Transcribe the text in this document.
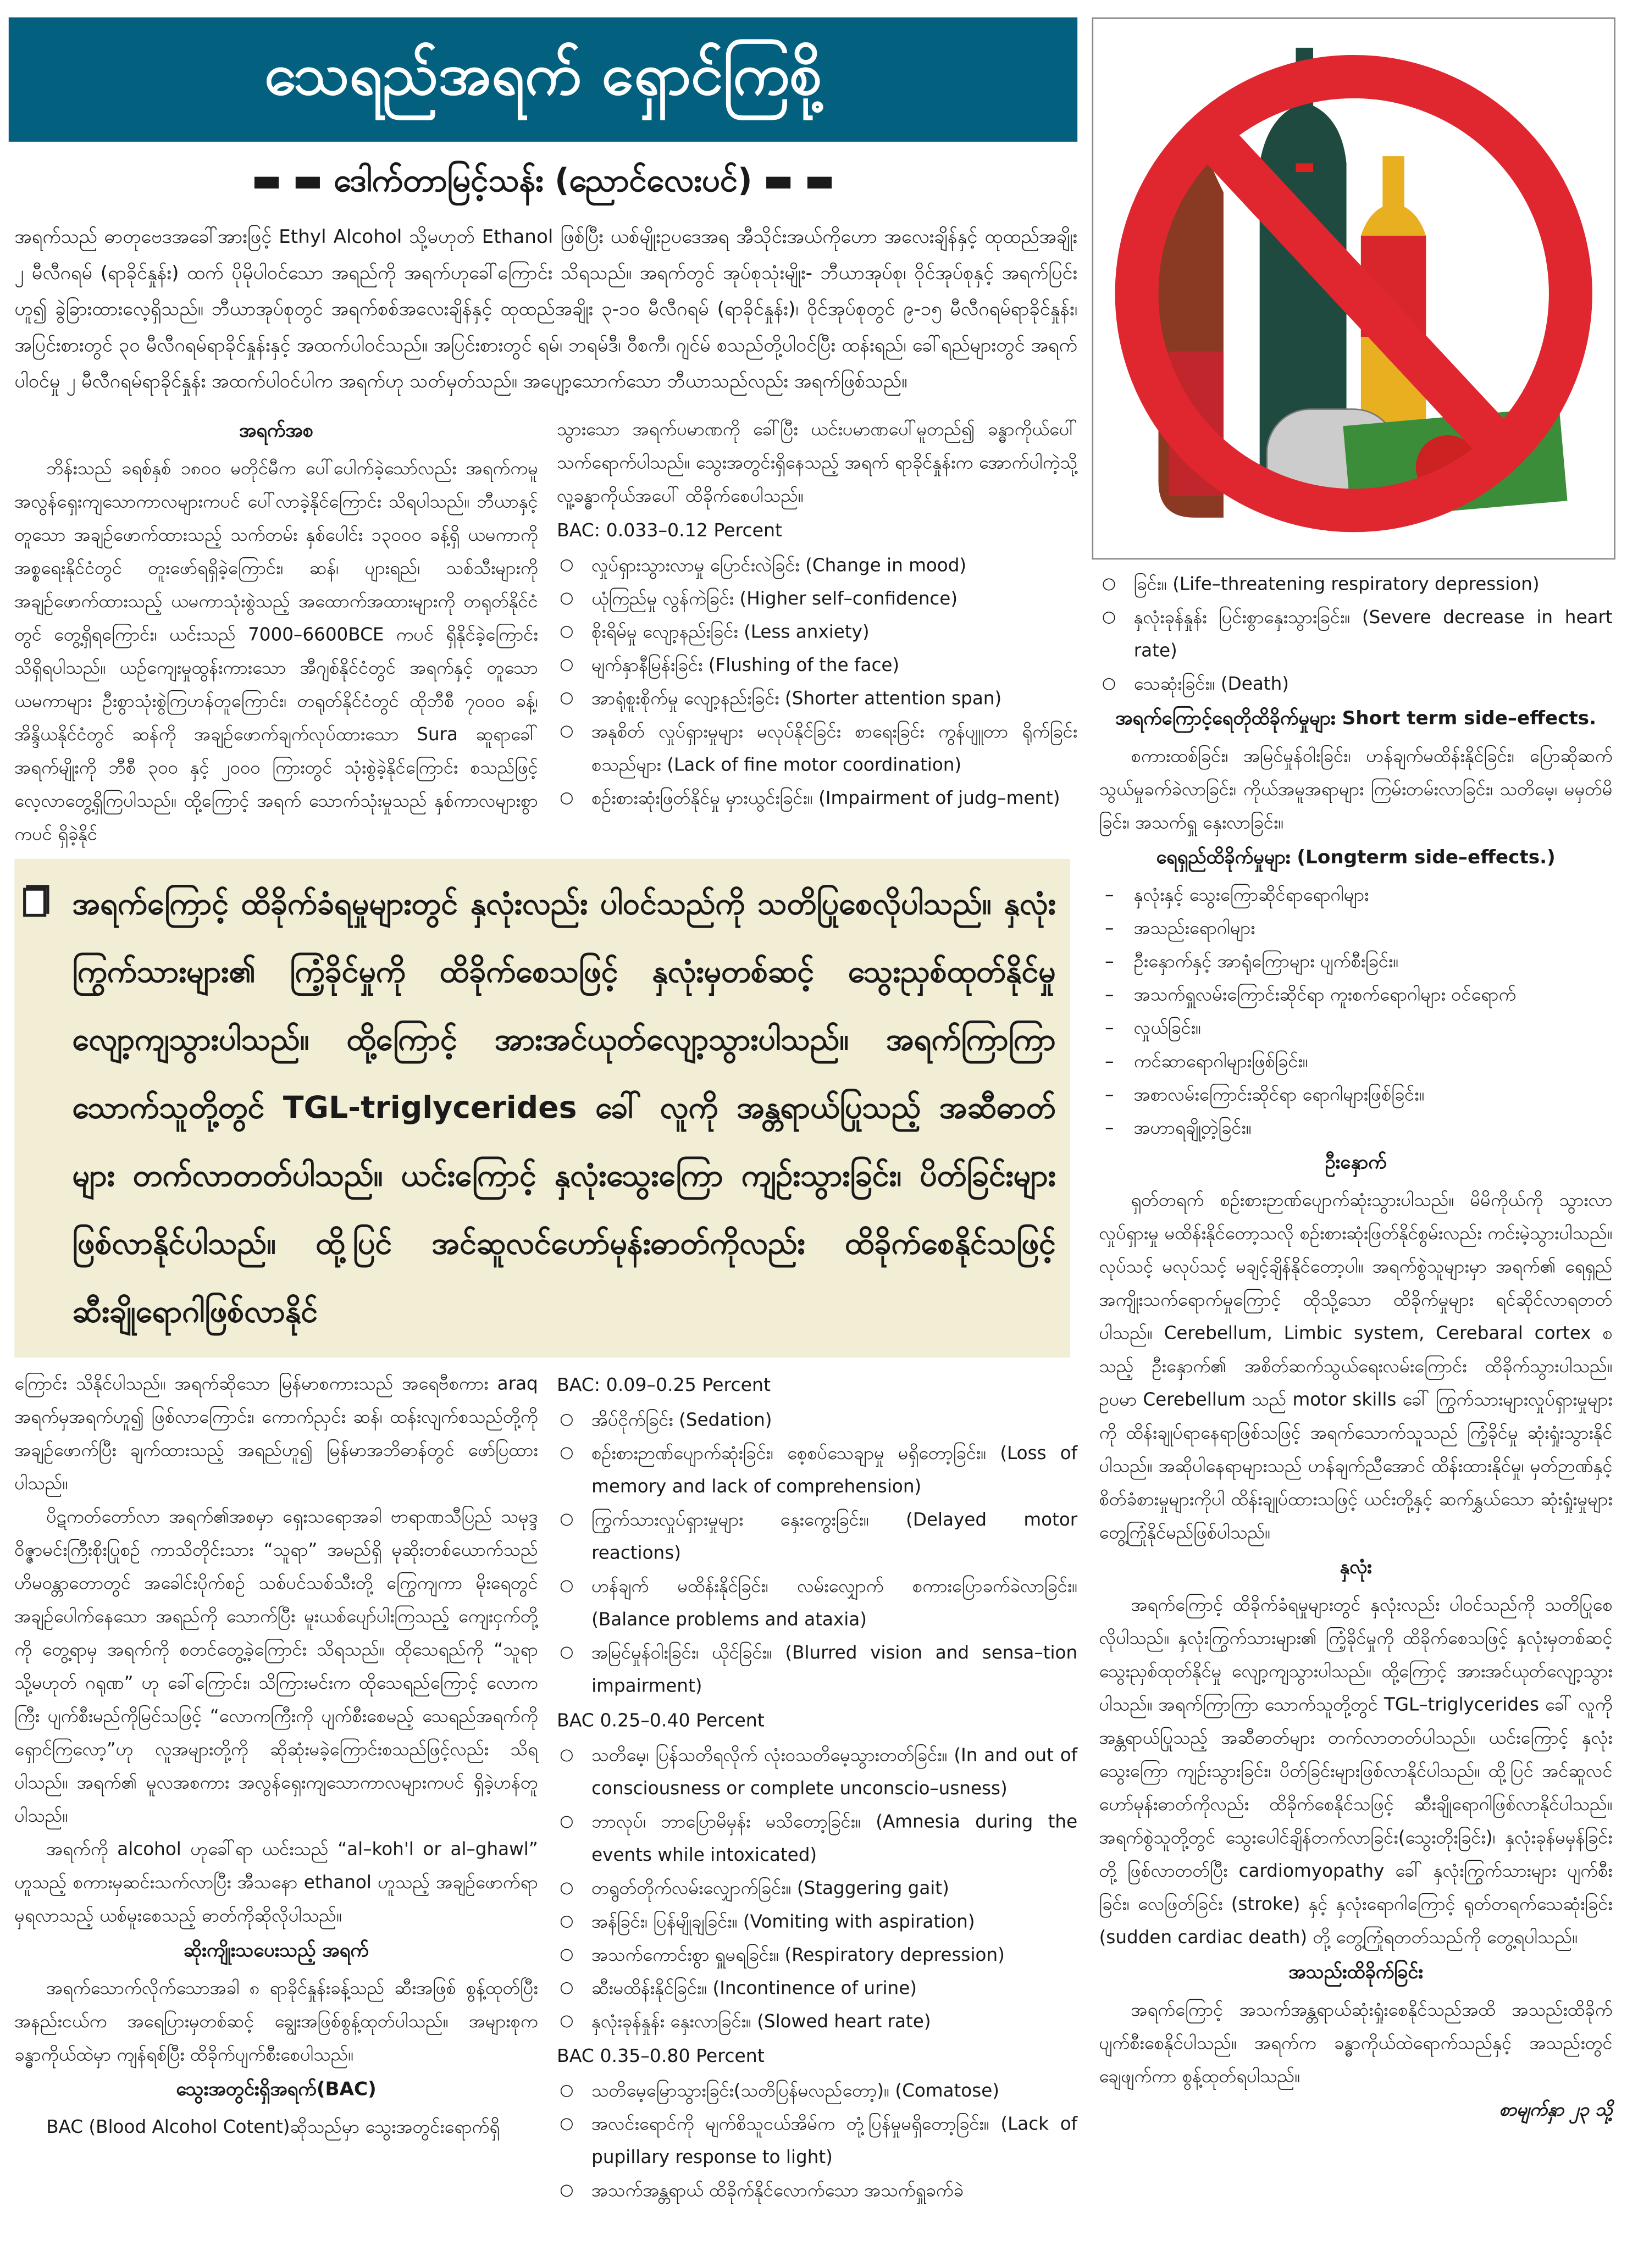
သေရည်အရက် ရှောင်ကြစို့
▬ ▬ ဒေါက်တာမြင့်သန်း (ညောင်လေးပင်) ▬ ▬

အရက်သည် ဓာတုဗေဒအခေါ်အားဖြင့် Ethyl Alcohol သို့မဟုတ် Ethanol ဖြစ်ပြီး ယစ်မျိုးဥပဒေအရ အီသိုင်းအယ်ကိုဟော အလေးချိန်နှင့် ထုထည်အချိုး ၂ မီလီဂရမ် (ရာခိုင်နှုန်း) ထက် ပိုမိုပါဝင်သော အရည်ကို အရက်ဟုခေါ်ကြောင်း သိရသည်။ အရက်တွင် အုပ်စုသုံးမျိုး- ဘီယာအုပ်စု၊ ဝိုင်အုပ်စုနှင့် အရက်ပြင်းဟူ၍ ခွဲခြားထားလေ့ရှိသည်။ ဘီယာအုပ်စုတွင် အရက်စစ်အလေးချိန်နှင့် ထုထည်အချိုး ၃-၁၀ မီလီဂရမ် (ရာခိုင်နှုန်း)၊ ဝိုင်အုပ်စုတွင် ၉-၁၅ မီလီဂရမ်ရာခိုင်နှုန်း၊ အပြင်းစားတွင် ၃၀ မီလီဂရမ်ရာခိုင်နှုန်းနှင့် အထက်ပါဝင်သည်။ အပြင်းစားတွင် ရမ်၊ ဘရမ်ဒီ၊ ဝီစကီ၊ ဂျင်မ် စသည်တို့ပါဝင်ပြီး ထန်းရည်၊ ခေါ်ရည်များတွင် အရက်ပါဝင်မှု ၂ မီလီဂရမ်ရာခိုင်နှုန်း အထက်ပါဝင်ပါက အရက်ဟု သတ်မှတ်သည်။ အပျော့သောက်သော ဘီယာသည်လည်း အရက်ဖြစ်သည်။

အရက်အစ

ဘိန်းသည် ခရစ်နှစ် ၁၈၀၀ မတိုင်မီက ပေါ်ပေါက်ခဲ့သော်လည်း အရက်ကမူ အလွန်ရှေးကျသောကာလများကပင် ပေါ်လာခဲ့နိုင်ကြောင်း သိရပါသည်။ ဘီယာနှင့်တူသော အချဉ်ဖောက်ထားသည့် သက်တမ်း နှစ်ပေါင်း ၁၃၀၀၀ ခန့်ရှိ ယမကာကို အစ္စရေးနိုင်ငံတွင် တူးဖော်ရရှိခဲ့ကြောင်း၊ ဆန်၊ ပျားရည်၊ သစ်သီးများကို အချဉ်ဖောက်ထားသည့် ယမကာသုံးစွဲသည့် အထောက်အထားများကို တရုတ်နိုင်ငံတွင် တွေ့ရှိရကြောင်း၊ ယင်းသည် 7000–6600BCE ကပင် ရှိနိုင်ခဲ့ကြောင်း သိရှိရပါသည်။ ယဉ်ကျေးမှုထွန်းကားသော အီဂျစ်နိုင်ငံတွင် အရက်နှင့် တူသော ယမကာများ ဦးစွာသုံးစွဲကြဟန်တူကြောင်း၊ တရုတ်နိုင်ငံတွင် ထိုဘီစီ ၇၀၀၀ ခန့်၊ အိန္ဒိယနိုင်ငံတွင် ဆန်ကို အချဉ်ဖောက်ချက်လုပ်ထားသော Sura ဆူရာခေါ် အရက်မျိုးကို ဘီစီ ၃၀၀ နှင့် ၂၀၀၀ ကြားတွင် သုံးစွဲခဲ့နိုင်ကြောင်း စသည်ဖြင့် လေ့လာတွေ့ရှိကြပါသည်။ ထို့ကြောင့် အရက် သောက်သုံးမှုသည် နှစ်ကာလများစွာကပင် ရှိခဲ့နိုင်

သွားသော အရက်ပမာဏကို ခေါ်ပြီး ယင်းပမာဏပေါ်မူတည်၍ ခန္ဓာကိုယ်ပေါ် သက်ရောက်ပါသည်။ သွေးအတွင်းရှိနေသည့် အရက် ရာခိုင်နှုန်းက အောက်ပါကဲ့သို့ လူ့ခန္ဓာကိုယ်အပေါ် ထိခိုက်စေပါသည်။

BAC: 0.033–0.12 Percent
○ လှုပ်ရှားသွားလာမှု ပြောင်းလဲခြင်း (Change in mood)
○ ယုံကြည်မှု လွန်ကဲခြင်း (Higher self–confidence)
○ စိုးရိမ်မှု လျော့နည်းခြင်း (Less anxiety)
○ မျက်နှာနီမြန်းခြင်း (Flushing of the face)
○ အာရုံစူးစိုက်မှု လျော့နည်းခြင်း (Shorter attention span)
○ အနုစိတ် လှုပ်ရှားမှုများ မလုပ်နိုင်ခြင်း စာရေးခြင်း ကွန်ပျူတာ ရိုက်ခြင်း စသည်များ (Lack of fine motor coordination)
○ စဉ်းစားဆုံးဖြတ်နိုင်မှု မှားယွင်းခြင်း။ (Impairment of judg–ment)

အရက်ကြောင့် ထိခိုက်ခံရမှုများတွင် နှလုံးလည်း ပါဝင်သည်ကို သတိပြုစေလိုပါသည်။ နှလုံးကြွက်သားများ၏ ကြံ့ခိုင်မှုကို ထိခိုက်စေသဖြင့် နှလုံးမှတစ်ဆင့် သွေးညှစ်ထုတ်နိုင်မှု လျော့ကျသွားပါသည်။ ထို့ကြောင့် အားအင်ယုတ်လျော့သွားပါသည်။ အရက်ကြာကြာ သောက်သူတို့တွင် TGL-triglycerides ခေါ် လူကို အန္တရာယ်ပြုသည့် အဆီဓာတ်များ တက်လာတတ်ပါသည်။ ယင်းကြောင့် နှလုံးသွေးကြော ကျဉ်းသွားခြင်း၊ ပိတ်ခြင်းများဖြစ်လာနိုင်ပါသည်။ ထို့ပြင် အင်ဆူလင်ဟော်မုန်းဓာတ်ကိုလည်း ထိခိုက်စေနိုင်သဖြင့် ဆီးချိုရောဂါဖြစ်လာနိုင်

ကြောင်း သိနိုင်ပါသည်။ အရက်ဆိုသော မြန်မာစကားသည် အရေဗီစကား araq အရက်မှအရက်ဟူ၍ ဖြစ်လာကြောင်း၊ ကောက်ညှင်း ဆန်၊ ထန်းလျက်စသည်တို့ကို အချဉ်ဖောက်ပြီး ချက်ထားသည့် အရည်ဟူ၍ မြန်မာအဘိဓာန်တွင် ဖော်ပြထားပါသည်။

ပိဋကတ်တော်လာ အရက်၏အစမှာ ရှေးသရောအခါ ဗာရာဏသီပြည် သမုဒ္ဒဝိဇ္ဇာမင်းကြီးစိုးပြုစဉ် ကာသိတိုင်းသား “သူရာ” အမည်ရှိ မုဆိုးတစ်ယောက်သည် ဟိမဝန္တာတောတွင် အခေါင်းပိုက်စဉ် သစ်ပင်သစ်သီးတို့ ကြွေကျကာ မိုးရေတွင် အချဉ်ပေါက်နေသော အရည်ကို သောက်ပြီး မူးယစ်ပျော်ပါးကြသည့် ကျေးငှက်တို့ကို တွေ့ရာမှ အရက်ကို စတင်တွေ့ခဲ့ကြောင်း သိရသည်။ ထိုသေရည်ကို “သူရာ သို့မဟုတ် ဂရုဏ” ဟု ခေါ်ကြောင်း၊ သိကြားမင်းက ထိုသေရည်ကြောင့် လောကကြီး ပျက်စီးမည်ကိုမြင်သဖြင့် “လောကကြီးကို ပျက်စီးစေမည့် သေရည်အရက်ကို ရှောင်ကြလော့”ဟု လူအများတို့ကို ဆိုဆုံးမခဲ့ကြောင်းစသည်ဖြင့်လည်း သိရပါသည်။ အရက်၏ မူလအစကား အလွန်ရှေးကျသောကာလများကပင် ရှိခဲ့ဟန်တူပါသည်။

အရက်ကို alcohol ဟုခေါ်ရာ ယင်းသည် “al–koh'l or al–ghawl” ဟူသည့် စကားမှဆင်းသက်လာပြီး အီသနော ethanol ဟူသည့် အချဉ်ဖောက်ရာမှရလာသည့် ယစ်မူးစေသည့် ဓာတ်ကိုဆိုလိုပါသည်။

ဆိုးကျိုးသပေးသည့် အရက်

အရက်သောက်လိုက်သောအခါ ၈ ရာခိုင်နှုန်းခန့်သည် ဆီးအဖြစ် စွန့်ထုတ်ပြီး အနည်းငယ်က အရေပြားမှတစ်ဆင့် ချွေးအဖြစ်စွန့်ထုတ်ပါသည်။ အများစုက ခန္ဓာကိုယ်ထဲမှာ ကျန်ရစ်ပြီး ထိခိုက်ပျက်စီးစေပါသည်။

သွေးအတွင်းရှိအရက်(BAC)

BAC (Blood Alcohol Cotent)ဆိုသည်မှာ သွေးအတွင်းရောက်ရှိ

BAC: 0.09–0.25 Percent
○ အိပ်ငိုက်ခြင်း (Sedation)
○ စဉ်းစားဉာဏ်ပျောက်ဆုံးခြင်း၊ စေ့စပ်သေချာမှု မရှိတော့ခြင်း။ (Loss of memory and lack of comprehension)
○ ကြွက်သားလှုပ်ရှားမှုများ နှေးကွေးခြင်း။ (Delayed motor reactions)
○ ဟန်ချက် မထိန်းနိုင်ခြင်း၊ လမ်းလျှောက် စကားပြောခက်ခဲလာခြင်း။ (Balance problems and ataxia)
○ အမြင်မှုန်ဝါးခြင်း၊ ယိုင်ခြင်း။ (Blurred vision and sensa–tion impairment)
BAC 0.25–0.40 Percent
○ သတိမေ့၊ ပြန်သတိရလိုက် လုံးဝသတိမေ့သွားတတ်ခြင်း။ (In and out of consciousness or complete unconscio–usness)
○ ဘာလုပ်၊ ဘာပြောမိမှန်း မသိတော့ခြင်း။ (Amnesia during the events while intoxicated)
○ တရွတ်တိုက်လမ်းလျှောက်ခြင်း။ (Staggering gait)
○ အန်ခြင်း၊ ပြန်မျိုချခြင်း။ (Vomiting with aspiration)
○ အသက်ကောင်းစွာ ရှူမရခြင်း။ (Respiratory depression)
○ ဆီးမထိန်းနိုင်ခြင်း။ (Incontinence of urine)
○ နှလုံးခုန်နှုန်း နှေးလာခြင်း။ (Slowed heart rate)
BAC 0.35–0.80 Percent
○ သတိမေ့မြောသွားခြင်း(သတိပြန်မလည်တော့)။ (Comatose)
○ အလင်းရောင်ကို မျက်စိသူငယ်အိမ်က တုံ့ပြန်မှုမရှိတော့ခြင်း။ (Lack of pupillary response to light)
○ အသက်အန္တရာယ် ထိခိုက်နိုင်လောက်သော အသက်ရှူခက်ခဲ
BEER
○ ခြင်း။ (Life–threatening respiratory depression)
○ နှလုံးခုန်နှုန်း ပြင်းစွာနှေးသွားခြင်း။ (Severe decrease in heart rate)
○ သေဆုံးခြင်း။ (Death)
အရက်ကြောင့်ရေတိုထိခိုက်မှုများ Short term side–effects.

စကားထစ်ခြင်း၊ အမြင်မှုန်ဝါးခြင်း၊ ဟန်ချက်မထိန်းနိုင်ခြင်း၊ ပြောဆိုဆက်သွယ်မှုခက်ခဲလာခြင်း၊ ကိုယ်အမူအရာများ ကြမ်းတမ်းလာခြင်း၊ သတိမေ့၊ မမှတ်မိခြင်း၊ အသက်ရှူ နှေးလာခြင်း။

ရေရှည်ထိခိုက်မှုများ (Longterm side–effects.)
– နှလုံးနှင့် သွေးကြောဆိုင်ရာရောဂါများ
– အသည်းရောဂါများ
– ဦးနှောက်နှင့် အာရုံကြောများ ပျက်စီးခြင်း။
– အသက်ရှူလမ်းကြောင်းဆိုင်ရာ ကူးစက်ရောဂါများ ဝင်ရောက်
– လှုယ်ခြင်း။
– ကင်ဆာရောဂါများဖြစ်ခြင်း။
– အစာလမ်းကြောင်းဆိုင်ရာ ရောဂါများဖြစ်ခြင်း။
– အဟာရချို့တဲ့ခြင်း။
ဦးနှောက်

ရှတ်တရက် စဉ်းစားဉာဏ်ပျောက်ဆုံးသွားပါသည်။ မိမိကိုယ်ကို သွားလာလှုပ်ရှားမှု မထိန်းနိုင်တော့သလို စဉ်းစားဆုံးဖြတ်နိုင်စွမ်းလည်း ကင်းမဲ့သွားပါသည်။ လုပ်သင့် မလုပ်သင့် မချင့်ချိန်နိုင်တော့ပါ။ အရက်စွဲသူများမှာ အရက်၏ ရေရှည်အကျိုးသက်ရောက်မှုကြောင့် ထိုသို့သော ထိခိုက်မှုများ ရင်ဆိုင်လာရတတ်ပါသည်။ Cerebellum, Limbic system, Cerebaral cortex စသည့် ဦးနှောက်၏ အစိတ်ဆက်သွယ်ရေးလမ်းကြောင်း ထိခိုက်သွားပါသည်။ ဥပမာ Cerebellum သည် motor skills ခေါ် ကြွက်သားများလှုပ်ရှားမှုများကို ထိန်းချုပ်ရာနေရာဖြစ်သဖြင့် အရက်သောက်သူသည် ကြံ့ခိုင်မှု ဆုံးရှုံးသွားနိုင်ပါသည်။ အဆိုပါနေရာများသည် ဟန်ချက်ညီအောင် ထိန်းထားနိုင်မှု၊ မှတ်ဉာဏ်နှင့် စိတ်ခံစားမှုများကိုပါ ထိန်းချုပ်ထားသဖြင့် ယင်းတို့နှင့် ဆက်နွှယ်သော ဆုံးရှုံးမှုများ တွေ့ကြုံနိုင်မည်ဖြစ်ပါသည်။

နှလုံး

အရက်ကြောင့် ထိခိုက်ခံရမှုများတွင် နှလုံးလည်း ပါဝင်သည်ကို သတိပြုစေလိုပါသည်။ နှလုံးကြွက်သားများ၏ ကြံ့ခိုင်မှုကို ထိခိုက်စေသဖြင့် နှလုံးမှတစ်ဆင့် သွေးညှစ်ထုတ်နိုင်မှု လျော့ကျသွားပါသည်။ ထို့ကြောင့် အားအင်ယုတ်လျော့သွားပါသည်။ အရက်ကြာကြာ သောက်သူတို့တွင် TGL–triglycerides ခေါ် လူကို အန္တရာယ်ပြုသည့် အဆီဓာတ်များ တက်လာတတ်ပါသည်။ ယင်းကြောင့် နှလုံးသွေးကြော ကျဉ်းသွားခြင်း၊ ပိတ်ခြင်းများဖြစ်လာနိုင်ပါသည်။ ထို့ပြင် အင်ဆူလင် ဟော်မုန်းဓာတ်ကိုလည်း ထိခိုက်စေနိုင်သဖြင့် ဆီးချိုရောဂါဖြစ်လာနိုင်ပါသည်။ အရက်စွဲသူတို့တွင် သွေးပေါင်ချိန်တက်လာခြင်း(သွေးတိုးခြင်း)၊ နှလုံးခုန်မမှန်ခြင်းတို့ ဖြစ်လာတတ်ပြီး cardiomyopathy ခေါ် နှလုံးကြွက်သားများ ပျက်စီးခြင်း၊ လေဖြတ်ခြင်း (stroke) နှင့် နှလုံးရောဂါကြောင့် ရုတ်တရက်သေဆုံးခြင်း (sudden cardiac death) တို့ တွေ့ကြုံရတတ်သည်ကို တွေ့ရပါသည်။

အသည်းထိခိုက်ခြင်း

အရက်ကြောင့် အသက်အန္တရာယ်ဆုံးရှုံးစေနိုင်သည်အထိ အသည်းထိခိုက်ပျက်စီးစေနိုင်ပါသည်။ အရက်က ခန္ဓာကိုယ်ထဲရောက်သည်နှင့် အသည်းတွင် ချေဖျက်ကာ စွန့်ထုတ်ရပါသည်။

စာမျက်နှာ ၂၃ သို့
